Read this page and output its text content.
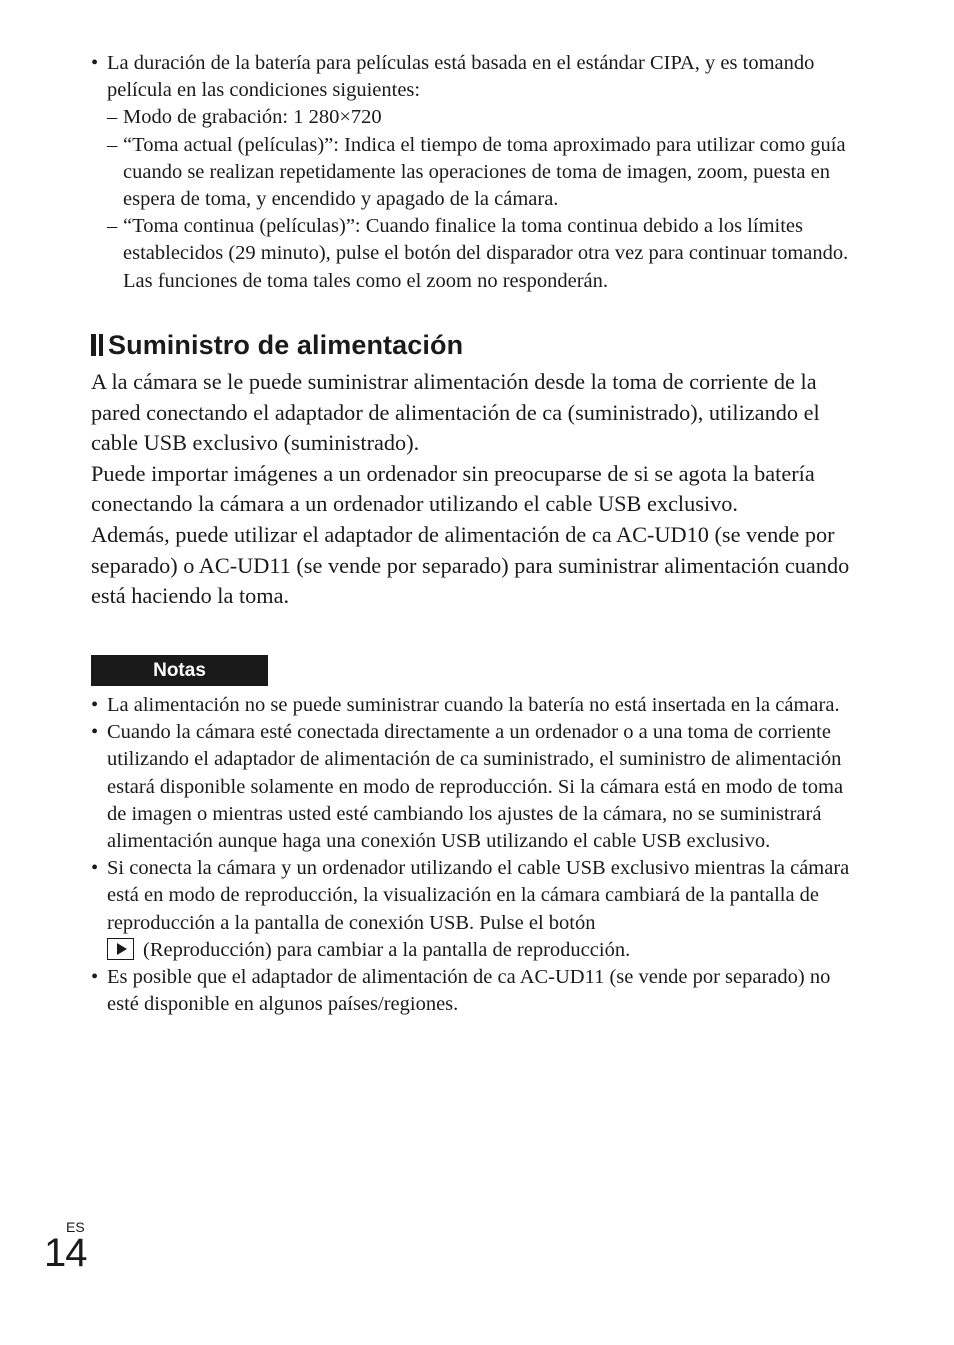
• La duración de la batería para películas está basada en el estándar CIPA, y es tomando película en las condiciones siguientes:
– Modo de grabación: 1 280×720
– “Toma actual (películas)”: Indica el tiempo de toma aproximado para utilizar como guía cuando se realizan repetidamente las operaciones de toma de imagen, zoom, puesta en espera de toma, y encendido y apagado de la cámara.
– “Toma continua (películas)”: Cuando finalice la toma continua debido a los límites establecidos (29 minuto), pulse el botón del disparador otra vez para continuar tomando. Las funciones de toma tales como el zoom no responderán.
Suministro de alimentación

A la cámara se le puede suministrar alimentación desde la toma de corriente de la pared conectando el adaptador de alimentación de ca (suministrado), utilizando el cable USB exclusivo (suministrado).

Puede importar imágenes a un ordenador sin preocuparse de si se agota la batería conectando la cámara a un ordenador utilizando el cable USB exclusivo.

Además, puede utilizar el adaptador de alimentación de ca AC-UD10 (se vende por separado) o AC-UD11 (se vende por separado) para suministrar alimentación cuando está haciendo la toma.

Notas
• La alimentación no se puede suministrar cuando la batería no está insertada en la cámara.
• Cuando la cámara esté conectada directamente a un ordenador o a una toma de corriente utilizando el adaptador de alimentación de ca suministrado, el suministro de alimentación estará disponible solamente en modo de reproducción. Si la cámara está en modo de toma de imagen o mientras usted esté cambiando los ajustes de la cámara, no se suministrará alimentación aunque haga una conexión USB utilizando el cable USB exclusivo.
• Si conecta la cámara y un ordenador utilizando el cable USB exclusivo mientras la cámara está en modo de reproducción, la visualización en la cámara cambiará de la pantalla de reproducción a la pantalla de conexión USB. Pulse el botón
(Reproducción) para cambiar a la pantalla de reproducción.
• Es posible que el adaptador de alimentación de ca AC-UD11 (se vende por separado) no esté disponible en algunos países/regiones.
ES
14
